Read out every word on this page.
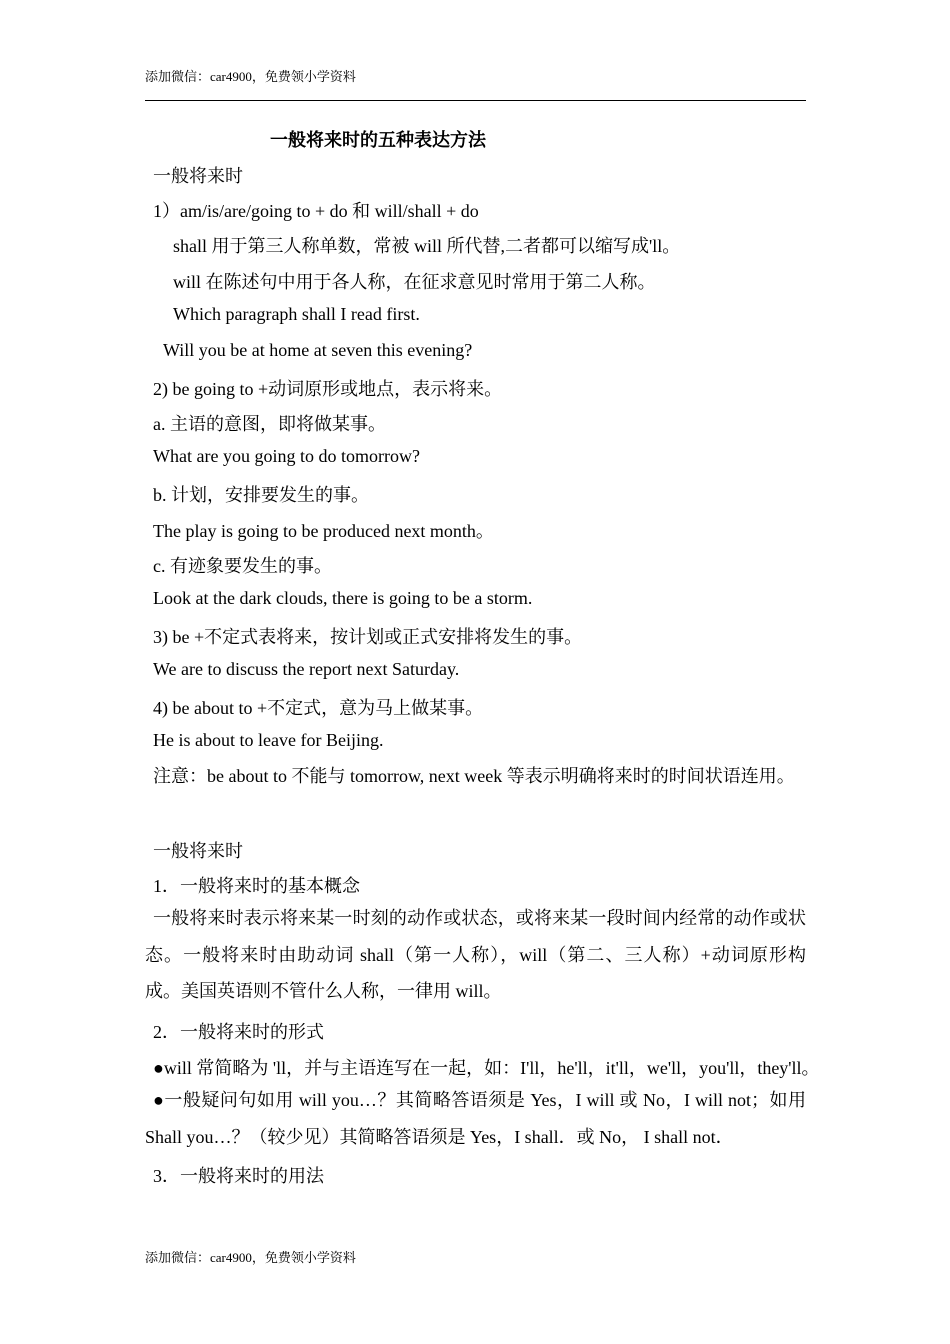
添加微信：car4900，免费领小学资料
一般将来时的五种表达方法
一般将来时
1）am/is/are/going to + do 和 will/shall + do
shall 用于第三人称单数，常被 will 所代替,二者都可以缩写成'll。
will 在陈述句中用于各人称，在征求意见时常用于第二人称。
Which paragraph shall I read first.
Will you be at home at seven this evening?
2) be going to +动词原形或地点，表示将来。
a. 主语的意图，即将做某事。
What are you going to do tomorrow?
b. 计划，安排要发生的事。
The play is going to be produced next month。
c. 有迹象要发生的事。
Look at the dark clouds, there is going to be a storm.
3) be +不定式表将来，按计划或正式安排将发生的事。
We are to discuss the report next Saturday.
4) be about to +不定式，意为马上做某事。
He is about to leave for Beijing.
注意：be about to 不能与 tomorrow, next week 等表示明确将来时的时间状语连用。
一般将来时
1．一般将来时的基本概念
一般将来时表示将来某一时刻的动作或状态，或将来某一段时间内经常的动作或状态。一般将来时由助动词 shall（第一人称），will（第二、三人称）+动词原形构成。美国英语则不管什么人称，一律用 will。
2．一般将来时的形式
●will 常简略为 'll，并与主语连写在一起，如：I'll，he'll，it'll，we'll，you'll，they'll。
●一般疑问句如用 will you…？其简略答语须是 Yes，I will 或 No，I will not；如用 Shall you…？（较少见）其简略答语须是 Yes，I shall．或 No， I shall not．
3．一般将来时的用法
添加微信：car4900，免费领小学资料
